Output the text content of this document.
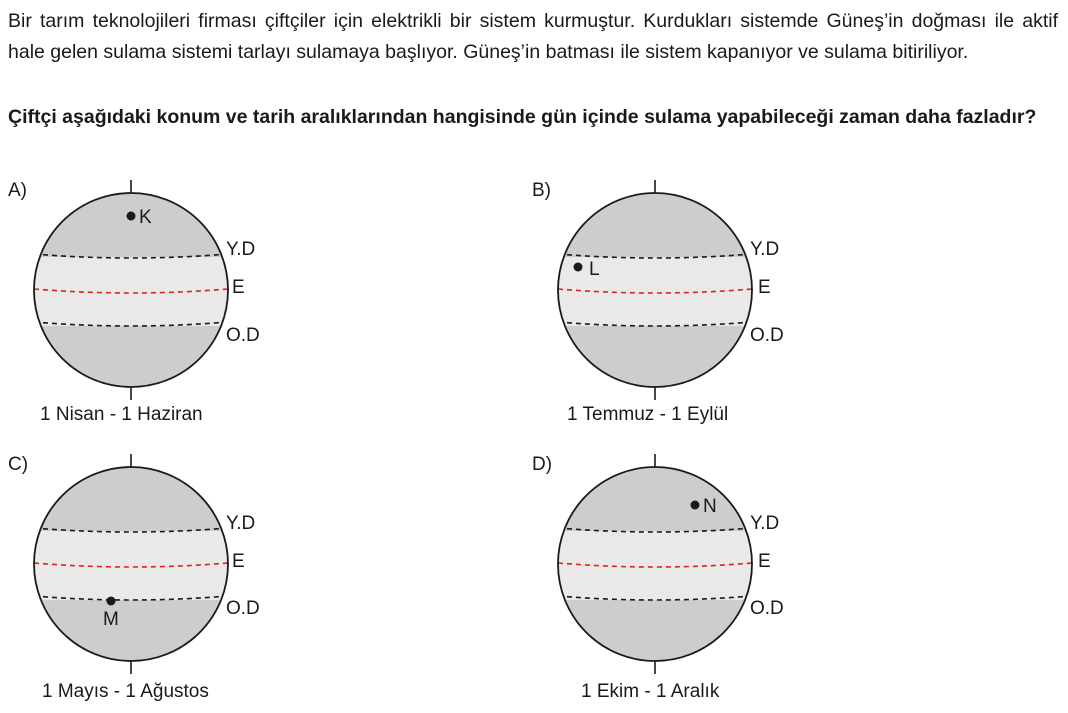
Bir tarım teknolojileri firması çiftçiler için elektrikli bir sistem kurmuştur. Kurdukları sistemde Güneş’in doğması ile aktif hale gelen sulama sistemi tarlayı sulamaya başlıyor. Güneş’in batması ile sistem kapanıyor ve sulama bitiriliyor.

Çiftçi aşağıdaki konum ve tarih aralıklarından hangisinde gün içinde sulama yapabileceği zaman daha fazladır?

A)
K
Y.D
E
O.D
1 Nisan - 1 Haziran
B)
L
Y.D
E
O.D
1 Temmuz - 1 Eylül
C)
M
Y.D
E
O.D
1 Mayıs - 1 Ağustos
D)
N
Y.D
E
O.D
1 Ekim - 1 Aralık
